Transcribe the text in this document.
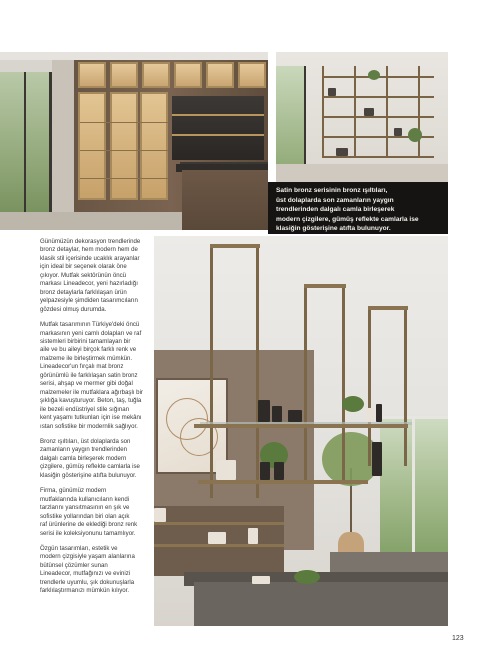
Satin bronz serisinin bronz ışıltıları,
üst dolaplarda son zamanların yaygın
trendlerinden dalgalı camla birleşerek
modern çizgilere, gümüş reflekte camlarla ise
klasiğin gösterişine atıfta bulunuyor.

Günümüzün dekorasyon trendlerinde
bronz detaylar, hem modern hem de
klasik stil içerisinde ucaklık arayanlar
için ideal bir seçenek olarak öne
çıkıyor. Mutfak sektörünün öncü
markası Lineadecor, yeni hazırladığı
bronz detaylarla farklılaşan ürün
yelpazesiyle şimdiden tasarımcıların
gözdesi olmuş durumda.

Mutfak tasarımının Türkiye'deki öncü
markasının yeni camlı dolapları ve raf
sistemleri birbirini tamamlayan bir
aile ve bu aileyi birçok farklı renk ve
malzeme ile birleştirmek mümkün.
Lineadecor'un fırçalı mat bronz
görünümlü ile farklılaşan satin bronz
serisi, ahşap ve mermer gibi doğal
malzemeler ile mutfaklara ağırbaşlı bir
şıklığa kavuşturuyor. Beton, taş, tuğla
ile bezeli endüstriyel stile sığınan
kent yaşamı tutkunları için ise mekânı
ıstan sofistike bir modernlik sağlıyor.

Bronz ışıltıları, üst dolaplarda son
zamanların yaygın trendlerinden
dalgalı camla birleşerek modern
çizgilere, gümüş reflekte camlarla ise
klasiğin gösterişine atıfta bulunuyor.

Firma, günümüz modern
mutfaklarında kullanıcıların kendi
tarzlarını yansıtmasının en şık ve
sofistike yollarından biri olan açık
raf ürünlerine de eklediği bronz renk
serisi ile koleksiyonunu tamamlıyor.

Özgün tasarımları, estetik ve
modern çizgisiyle yaşam alanlarına
bütünsel çözümler sunan
Lineadecor, mutfağınızı ve evinizi
trendlerle uyumlu, şık dokunuşlarla
farklılaştırmanızı mümkün kılıyor.

123
